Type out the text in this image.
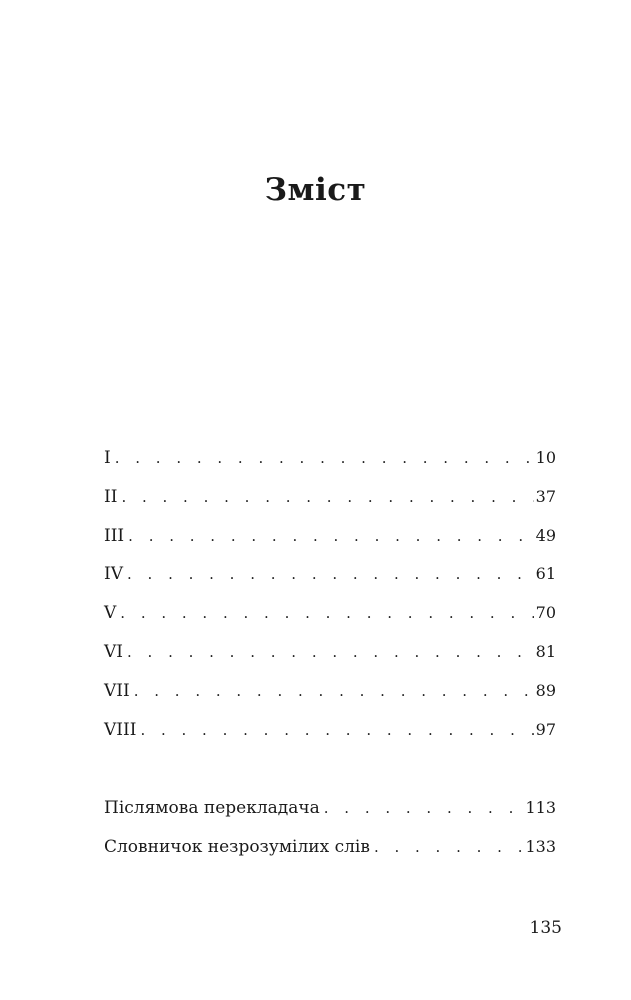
Зміст
I . . .	10
II . . .	37
III . . .	49
IV . . .	61
V . . .	70
VI . . .	81
VII . . .	89
VIII . . .	97
Післямова перекладача . . .	113
Словничок незрозумілих слів . . .	133
135
